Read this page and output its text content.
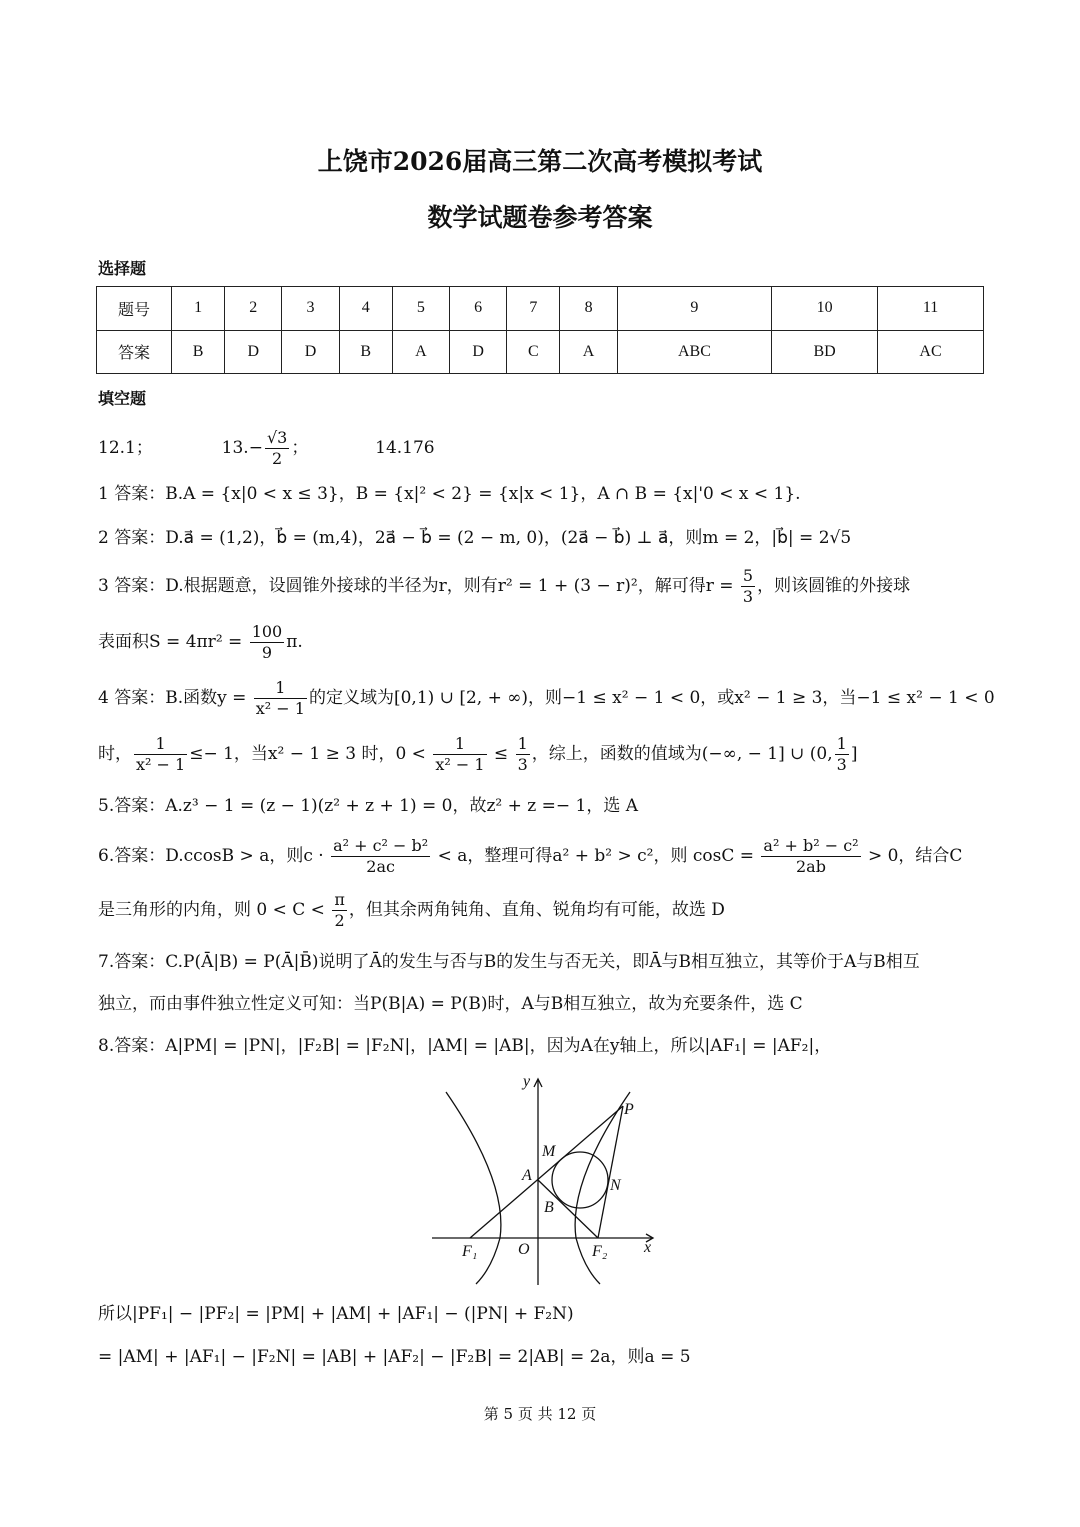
上饶市2026届高三第二次高考模拟考试
数学试题卷参考答案
选择题
题号	1	2	3	4	5	6	7	8	9	10	11
答案	B	D	D	B	A	D	C	A	ABC	BD	AC
填空题
12.1；	$13.- \frac{√3}{2}$ ；	14.176
1 答案：B.A = {x|0 < x ≤ 3}，B = {x|² < 2} = {x|x < 1}，A ∩ B = {x|'0 < x < 1}.
2 答案：D.a⃗ = (1,2)，b⃗ = (m,4)，2a⃗ − b⃗ = (2 − m, 0)，(2a⃗ − b⃗) ⊥ a⃗，则m = 2，|b⃗| = 2√5
3 答案：D.根据题意，设圆锥外接球的半径为r，则有r² = 1 + (3 − r)²，解可得$r = \frac{5}{3}$ ，则该圆锥的外接球
表面积$S = 4\pi r^2 = \frac{100}{9} \pi$.
4 答案：B.函数$y = \frac{1}{\text{x² − 1}}$ 的定义域为[0,1) ∪ [2, + ∞)，则−1 ≤ x² − 1 < 0，或x² − 1 ≥ 3，当−1 ≤ x² − 1 < 0
时， $\frac{1}{\text{x² − 1}} \le- 1$，当x² − 1 ≥ 3 时，$0 < \frac{1}{\text{x² − 1}} \le \frac{1}{3}$ ，综上，函数的值域为(−∞, − 1] ∪ (0, $\frac{1}{3}$ ]
5.答案：A.z³ − 1 = (z − 1)(z² + z + 1) = 0，故z² + z =− 1，选 A
6.答案：D.ccosB > a，则$c \cdot \frac{\text{a² + c² − b²}}{2ac} < a$，整理可得a² + b² > c²，则 $\cos C = \frac{\text{a² + b² − c²}}{2ab} > 0$，结合C
是三角形的内角，则 $0 < C < \frac{\pi}{2}$ ，但其余两角钝角、直角、锐角均有可能，故选 D
7.答案：C.P(Ā|B) = P(Ā|B̄)说明了Ā的发生与否与B的发生与否无关，即Ā与B相互独立，其等价于A与B相互
独立，而由事件独立性定义可知：当P(B|A) = P(B)时，A与B相互独立，故为充要条件，选 C
8.答案：A|PM| = |PN|，|F₂B| = |F₂N|，|AM| = |AB|，因为A在y轴上，所以|AF₁| = |AF₂|，
y
x
P
M
A
N
B
O
F₁	F₂
所以|PF₁| − |PF₂| = |PM| + |AM| + |AF₁| − (|PN| + F₂N)
= |AM| + |AF₁| − |F₂N| = |AB| + |AF₂| − |F₂B| = 2|AB| = 2a，则a = 5
第 5 页 共 12 页
